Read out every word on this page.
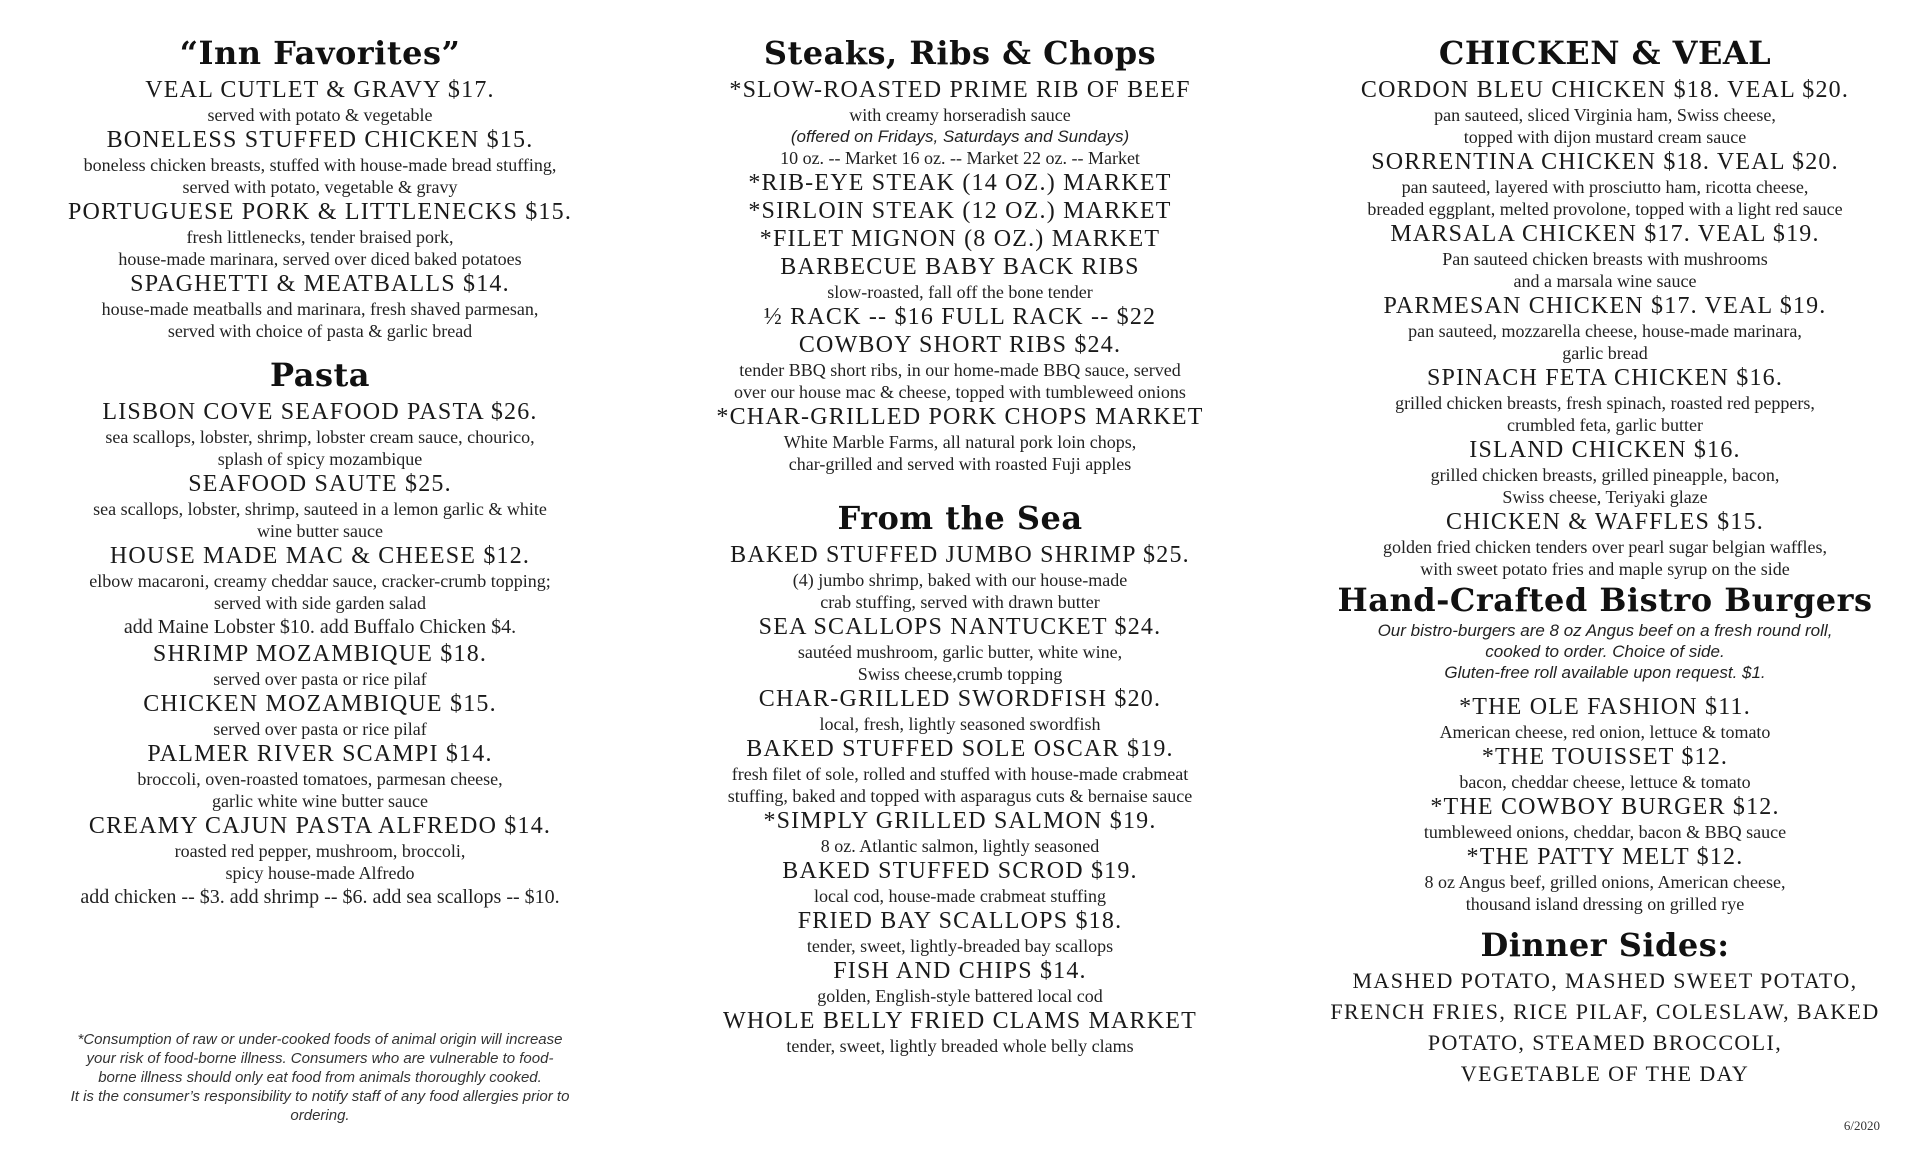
“Inn Favorites”
VEAL CUTLET & GRAVY $17.
served with potato & vegetable
BONELESS STUFFED CHICKEN $15.
boneless chicken breasts, stuffed with house-made bread stuffing,
served with potato, vegetable & gravy
PORTUGUESE PORK & LITTLENECKS $15.
fresh littlenecks, tender braised pork,
house-made marinara, served over diced baked potatoes
SPAGHETTI & MEATBALLS $14.
house-made meatballs and marinara, fresh shaved parmesan,
served with choice of pasta & garlic bread
Pasta
LISBON COVE SEAFOOD PASTA $26.
sea scallops, lobster, shrimp, lobster cream sauce, chourico,
splash of spicy mozambique
SEAFOOD SAUTE $25.
sea scallops, lobster, shrimp, sauteed in a lemon garlic & white
wine butter sauce
HOUSE MADE MAC & CHEESE $12.
elbow macaroni, creamy cheddar sauce, cracker-crumb topping;
served with side garden salad
add Maine Lobster $10. add Buffalo Chicken $4.
SHRIMP MOZAMBIQUE $18.
served over pasta or rice pilaf
CHICKEN MOZAMBIQUE $15.
served over pasta or rice pilaf
PALMER RIVER SCAMPI $14.
broccoli, oven-roasted tomatoes, parmesan cheese,
garlic white wine butter sauce
CREAMY CAJUN PASTA ALFREDO $14.
roasted red pepper, mushroom, broccoli,
spicy house-made Alfredo
add chicken -- $3. add shrimp -- $6. add sea scallops -- $10.
*Consumption of raw or under-cooked foods of animal origin will increase
your risk of food-borne illness. Consumers who are vulnerable to food-
borne illness should only eat food from animals thoroughly cooked.
It is the consumer’s responsibility to notify staff of any food allergies prior to
ordering.
Steaks, Ribs & Chops
*SLOW-ROASTED PRIME RIB OF BEEF
with creamy horseradish sauce
(offered on Fridays, Saturdays and Sundays)
10 oz. -- Market 16 oz. -- Market 22 oz. -- Market
*RIB-EYE STEAK (14 OZ.) MARKET
*SIRLOIN STEAK (12 OZ.) MARKET
*FILET MIGNON (8 OZ.) MARKET
BARBECUE BABY BACK RIBS
slow-roasted, fall off the bone tender
½ RACK -- $16 FULL RACK -- $22
COWBOY SHORT RIBS $24.
tender BBQ short ribs, in our home-made BBQ sauce, served
over our house mac & cheese, topped with tumbleweed onions
*CHAR-GRILLED PORK CHOPS MARKET
White Marble Farms, all natural pork loin chops,
char-grilled and served with roasted Fuji apples
From the Sea
BAKED STUFFED JUMBO SHRIMP $25.
(4) jumbo shrimp, baked with our house-made
crab stuffing, served with drawn butter
SEA SCALLOPS NANTUCKET $24.
sautéed mushroom, garlic butter, white wine,
Swiss cheese,crumb topping
CHAR-GRILLED SWORDFISH $20.
local, fresh, lightly seasoned swordfish
BAKED STUFFED SOLE OSCAR $19.
fresh filet of sole, rolled and stuffed with house-made crabmeat
stuffing, baked and topped with asparagus cuts & bernaise sauce
*SIMPLY GRILLED SALMON $19.
8 oz. Atlantic salmon, lightly seasoned
BAKED STUFFED SCROD $19.
local cod, house-made crabmeat stuffing
FRIED BAY SCALLOPS $18.
tender, sweet, lightly-breaded bay scallops
FISH AND CHIPS $14.
golden, English-style battered local cod
WHOLE BELLY FRIED CLAMS MARKET
tender, sweet, lightly breaded whole belly clams
CHICKEN & VEAL
CORDON BLEU CHICKEN $18. VEAL $20.
pan sauteed, sliced Virginia ham, Swiss cheese,
topped with dijon mustard cream sauce
SORRENTINA CHICKEN $18. VEAL $20.
pan sauteed, layered with prosciutto ham, ricotta cheese,
breaded eggplant, melted provolone, topped with a light red sauce
MARSALA CHICKEN $17. VEAL $19.
Pan sauteed chicken breasts with mushrooms
and a marsala wine sauce
PARMESAN CHICKEN $17. VEAL $19.
pan sauteed, mozzarella cheese, house-made marinara,
garlic bread
SPINACH FETA CHICKEN $16.
grilled chicken breasts, fresh spinach, roasted red peppers,
crumbled feta, garlic butter
ISLAND CHICKEN $16.
grilled chicken breasts, grilled pineapple, bacon,
Swiss cheese, Teriyaki glaze
CHICKEN & WAFFLES $15.
golden fried chicken tenders over pearl sugar belgian waffles,
with sweet potato fries and maple syrup on the side
Hand-Crafted Bistro Burgers
Our bistro-burgers are 8 oz Angus beef on a fresh round roll,
cooked to order. Choice of side.
Gluten-free roll available upon request. $1.
*THE OLE FASHION $11.
American cheese, red onion, lettuce & tomato
*THE TOUISSET $12.
bacon, cheddar cheese, lettuce & tomato
*THE COWBOY BURGER $12.
tumbleweed onions, cheddar, bacon & BBQ sauce
*THE PATTY MELT $12.
8 oz Angus beef, grilled onions, American cheese,
thousand island dressing on grilled rye
Dinner Sides:
MASHED POTATO, MASHED SWEET POTATO,
FRENCH FRIES, RICE PILAF, COLESLAW, BAKED
POTATO, STEAMED BROCCOLI,
VEGETABLE OF THE DAY
6/2020
